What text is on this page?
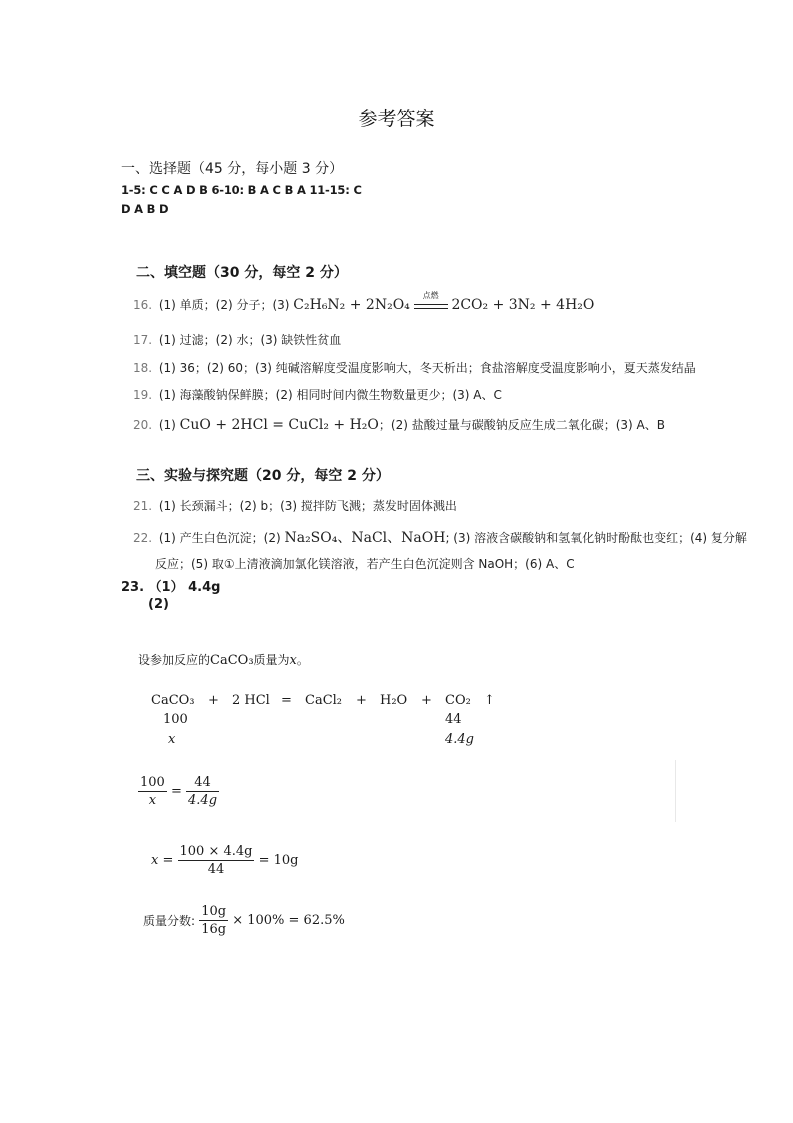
参考答案
一、选择题（45 分，每小题 3 分）
1-5: C C A D B 6-10: B A C B A 11-15: C
D A B D
二、填空题（30 分，每空 2 分）
16. (1) 单质；(2) 分子；(3) C₂H₆N₂ + 2N₂O₄
点燃
2CO₂ + 3N₂ + 4H₂O
17. (1) 过滤；(2) 水；(3) 缺铁性贫血
18. (1) 36；(2) 60；(3) 纯碱溶解度受温度影响大，冬天析出；食盐溶解度受温度影响小，夏天蒸发结晶
19. (1) 海藻酸钠保鲜膜；(2) 相同时间内微生物数量更少；(3) A、C
20. (1) CuO + 2HCl = CuCl₂ + H₂O；(2) 盐酸过量与碳酸钠反应生成二氧化碳；(3) A、B
三、实验与探究题（20 分，每空 2 分）
21. (1) 长颈漏斗；(2) b；(3) 搅拌防飞溅；蒸发时固体溅出
22. (1) 产生白色沉淀；(2) Na₂SO₄、NaCl、NaOH; (3) 溶液含碳酸钠和氢氧化钠时酚酞也变红；(4) 复分解
反应；(5) 取①上清液滴加氯化镁溶液，若产生白色沉淀则含 NaOH；(6) A、C
23. （1） 4.4g
(2)
设参加反应的CaCO₃质量为x。
CaCO₃ + 2 HCl = CaCl₂ + H₂O + CO₂ ↑
100	44
x	4.4g
$\frac{100}{x} = \frac{44}{4.4g}$
$x = \frac{100 \times 4.4g}{44} = 10g$
质量分数: $\frac{10g}{16g} \times 100\% = 62.5\%$
